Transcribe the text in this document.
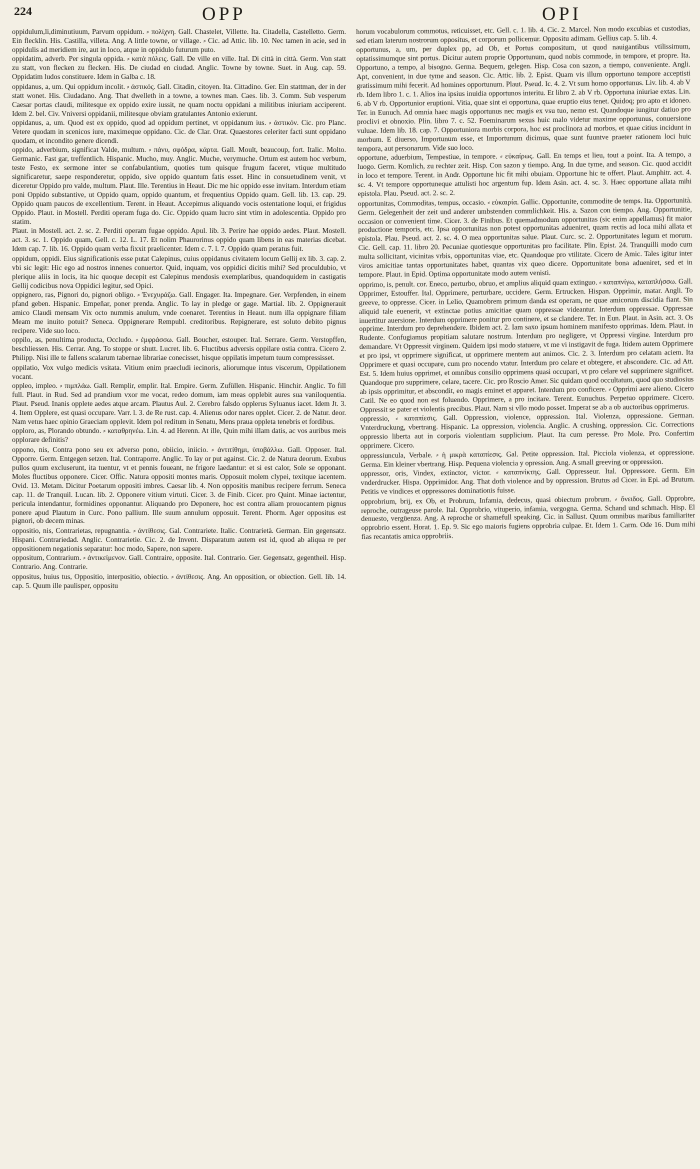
224	OPP	OPI

oppidulum,li,diminutiuum, Parvum oppidum. ⸗ πολίχνη. Gall. Chastelet, Villette. Ita. Citadella, Castelletto. Germ. Ein flecklin. His. Castilla, villeta. Ang. A little towne, or village. ⸗ Cic. ad Attic. lib. 10. Nec tamen in acie, sed in oppidulis ad meridiem ire, aut in loco, atque in oppidulo futurum puto.

oppidatim, adverb. Per singula oppida. ⸗ κατὰ πόλεις. Gall. De ville en ville. Ital. Di città in città. Germ. Von statt zu statt, von flecken zu flecken. His. De ciudad en ciudad. Anglic. Towne by towne. Suet. in Aug. cap. 59. Oppidatim ludos constituere. Idem in Galba c. 18.

oppidanus, a, um. Qui oppidum incolit. ⸗ ἀστικός. Gall. Citadin, citoyen. Ita. Cittadino. Ger. Ein stattman, der in der statt wonet. His. Ciudadano. Ang. That dwelleth in a towne, a townes man. Caes. lib. 3. Comm. Sub vesperum Caesar portas claudi, militesque ex oppido exire iussit, ne quam noctu oppidani a militibus iniuriam acciperent. Idem 2. bel. Civ. Vniversi oppidanii, militesque obviam gratulantes Antonio exierunt.

oppidanus, a, um. Quod est ex oppido, quod ad oppidum pertinet, vt oppidanum ius. ⸗ ἀστικόν. Cic. pro Planc. Vetere quodam in scenicos iure, maximeque oppidano. Cic. de Clar. Orat. Quaestores celeriter facti sunt oppidano quodam, et incondito genere dicendi.

oppido, adverbium, significat Valde, multum. ⸗ πάνυ, σφόδρα, κάρτα. Gall. Moult, beaucoup, fort. Italic. Molto. Germanic. Fast gar, treffentlich. Hispanic. Mucho, muy. Anglic. Muche, verymuche. Ortum est autem hoc verbum, teste Festo, ex sermone inter se confabulantium, quoties tum quisque frugum faceret, vtique multitudo significaretur, saepe responderetur, oppido, sive oppido quantum fatis esset. Hinc in consuetudinem venit, vt diceretur Oppido pro valde, multum. Plaut. Ille. Terentius in Heaut. Dic me hic oppido esse invitam. Interdum etiam poni Oppido substantive, ut Oppido quam, oppido quantum, et frequentius Oppido quam. Gell. lib. 13. cap. 29. Oppido quam paucos de excellentium. Terent. in Heaut. Accepimus aliquando vocis ostentatione loqui, et frigidus Oppido. Plaut. in Mostell. Perditi operam fuga do. Cic. Oppido quam lucro sint vtim in adolescentia. Oppido pro statim.

Plaut. in Mostell. act. 2. sc. 2. Perditi operam fugae oppido. Apul. lib. 3. Perire hae oppido aedes. Plaut. Mostell. act. 3. sc. 1. Oppido quam, Gell. c. 12. L. 17. Et nolim Phaurorinus oppido quam libens in eas materias dicebat. Idem cap. 7. lib. 16. Oppido quam verba fixxit praelicenter. Idem c. 7. l. 7. Oppido quam peratus fuit.

oppidum, oppidi. Eius significationis esse putat Calepinus, cuius oppidanus civitatem locum Gellij ex lib. 3. cap. 2. vbi sic legit: Hic ego ad nostros innenes conuertor. Quid, inquam, vos oppidici dicitis mihi? Sed proculdubio, vt plerique aliis in locis, ita hic quoque decepit est Calepinus mendosis exemplaribus, quandoquidem in castigatis Gellij codicibus nova Oppidici legitur, sed Opici.

oppignero, ras, Pignori do, pignori obligo. ⸗ Ἐνεχυράζω. Gall. Engager. Ita. Impegnare. Ger. Verpfenden, in einem pfand geben. Hispanic. Empeñar, poner prenda. Anglic. To lay in pledge or gage. Martial. lib. 2. Oppignerauit amico Claudi mensam Vix octo nummis anulum, vnde coenaret. Terentius in Heaut. num illa oppignare filiam Meam me inuito potuit? Seneca. Oppignerare Rempubl. creditoribus. Repignerare, est soluto debito pignus recipere. Vide suo loco.

oppilo, as, penultima producta, Occludo. ⸗ ἐμφράσσω. Gall. Boucher, estouper. Ital. Serrare. Germ. Verstopffen, beschliessen. His. Cerrar. Ang. To stoppe or shutt. Lucret. lib. 6. Fluctibus adversis oppilare ostia contra. Cicero 2. Philipp. Nisi ille te fallens scalarum tabernae librariae conecisset, hisque oppilatis impetum tuum compressisset.

oppilatio, Vox vulgo medicis vsitata. Vitium enim praecludi iecinoris, aliorumque intus viscerum, Oppilationem vocant.

oppleo, impleo. ⸗ πιμπλάω. Gall. Remplir, emplir. Ital. Empire. Germ. Zufüllen. Hispanic. Hinchir. Anglic. To fill full. Plaut. in Rud. Sed ad prandium vxor me vocat, redeo domum, iam meas opplebit aures sua vaniloquentia. Plaut. Pseud. Inanis opplete aedes atque arcam. Plautus Aul. 2. Cerebro falsdo opplerus Syluanus iacet. Idem Jt. 3. 4. Item Opplere, est quasi occupare. Varr. l. 3. de Re rust. cap. 4. Alienus odor nares opplet. Cicer. 2. de Natur. deor. Nam vetus haec opinio Graeciam opplevit. Idem pol reditum in Senatu, Mens praua oppleta tenebris et fordibus.

opploro, as, Plorando obtundo. ⸗ καταθρηνέω. Lin. 4. ad Herenn. At ille, Quin mihi illam datis, ac vos auribus meis opplorare definitis?

oppono, nis, Contra pono seu ex adverso pono, obiicio, iniicio. ⸗ ἀντιτίθημι, ὑποβάλλω. Gall. Opposer. Ital. Opporre. Germ. Entgegen setzen. Ital. Contraporre. Anglic. To lay or put against. Cic. 2. de Natura deorum. Exubus pullos quum excluserunt, ita tuentur, vt et pennis foueant, ne frigore laedantur: et si est calor, Sole se opponant. Moles fluctibus opponere. Cicer. Offic. Natura oppositi montes maris. Opposuit molem clypei, texitque iacentem. Ovid. 13. Metam. Dicitur Poetarum oppositi imbres. Caesar lib. 4. Non oppositis manibus recipere ferrum. Seneca cap. 11. de Tranquil. Lucan. lib. 2. Opponere vitium virtuti. Cicer. 3. de Finib. Cicer. pro Quint. Minae iactentur, pericula intendantur, formidines opponantur. Aliquando pro Deponere, hoc est contra aliam prouocantem pignus ponere apud Plautum in Curc. Pono pallium. Ille suum annulum opposuit. Terent. Phorm. Ager oppositus est pignori, ob decem minas.

oppositio, nis, Contrarietas, repugnantia. ⸗ ἀντίθεσις. Gal. Contrariete. Italic. Contrarietà. German. Ein gegensatz. Hispani. Contrariedad. Anglic. Contrarietie. Cic. 2. de Invent. Disparatum autem est id, quod ab aliqua re per oppositionem negationis separatur: hoc modo, Sapere, non sapere.

oppositum, Contrarium. ⸗ ἀντικείμενον. Gall. Contraire, opposite. Ital. Contrario. Ger. Gegensatz, gegentheil. Hisp. Contrario. Ang. Contrarie.

oppositus, huius tus, Oppositio, interpositio, obiectio. ⸗ ἀντίθεσις. Ang. An opposition, or obiection. Gell. lib. 14. cap. 5. Quum ille paulisper, oppositu

horum vocabulorum commotus, reticuisset, etc. Gell. c. 1. lib. 4. Cic. 2. Marcel. Non modo excubias et custodias, sed etiam laterum nostrorum oppositus, et corporum pollicemur. Oppositu adimam. Gellius cap. 5. lib. 4.

opportunus, a, um, per duplex pp, ad Ob, et Portus compositum, ut quod nauigantibus vtilissimum, optatissimumque sint portus. Dicitur autem proprie Opportunum, quod nobis commode, in tempore, et propre. Ita. Opportuno, a tempo, al bisogno. Germa. Bequem, gelegen. Hisp. Cosa con sazon, a tiempo, conveniente. Angli. Apt, convenient, in due tyme and season. Cic. Attic. lib. 2. Epist. Quam vis illum opportuno tempore acceptisti gratissimum mihi fecerit. Ad homines opportunum. Plaut. Pseud. Ic. 4. 2. Vt sum homo opportunus. Liv. lib. 4. ab V rb. Idem libro 1. c. 1. Alios ina ipsius inuidia opportunos interitu. Et libro 2. ab V rb. Opportuna iniuriae extas. Lin. 6. ab V rb. Opportunior eruptioni. Vitia, quae sint ei opportuna, quae eruptio eius tenet. Quidoq; pro apto et idoneo. Ter. in Eunuch. Ad omnia haec magis opportunus nec magis ex vsu tuo, nemo est. Quandoque iungitur datiuo pro proclivi et obnoxio. Plin. libro 7. c. 52. Foeminarum sexus huic malo videtur maxime opportunus, conuersione vuluae. Idem lib. 18. cap. 7. Opportuniora morbis corpora, hoc est proclinora ad morbos, et quae citius incidunt in morbum. E diuerso, Importunum esse, et Importunum dicimus, quae sunt fuuntve praeter rationem loci huic tempora, aut personarum. Vide suo loco.

opportune, aduerbium, Tempestiue, in tempore. ⸗ εὐκαίρως. Gall. En temps et lieu, tout a point. Ita. A tempo, a luogo. Germ. Komlich, zu rechter zeit. Hisp. Con sazon y tiempo. Ang. In due tyme, and season. Cic. quod accidit in loco et tempore. Terent. in Andr. Opportune hic fit mihi obuiam. Opportune hic te offert. Plaut. Amphitr. act. 4. sc. 4. Vt tempore opportuneque attulisti hoc argentum fup. Idem Asin. act. 4. sc. 3. Haec opportune allata mihi epistola. Plau. Pseud. act. 2. sc. 2.

opportunitas, Commoditas, tempus, occasio. ⸗ εὐκαιρία. Gallic. Opportunite, commodite de temps. Ita. Opportunità. Germ. Gelegenheit der zeit und anderer umbstenden commlichkeit. His. a. Sazon con tiempo. Ang. Opportunitie, occasion or convenient time. Cicer. 3. de Finibus. Et quemadmodum opportunitas (sic enim appellamus) fit maior productione temporis, etc. Ipsa opportunitas non potest opportunitas adueniret, quam rectis ad loca mihi allata et epistola. Plau. Pseud. act. 2. sc. 4. O mea opportunitas salue. Plaut. Curc. sc. 2. Opportunitates legum et morum. Cic. Gell. cap. 11. libro 20. Pecuniae quotiesque opportunitas pro facilitate. Plin. Epist. 24. Tranquilli modo cum multa sollicitant, vicinitas vrbis, opportunitas viae, etc. Quandoque pro vtilitate. Cicero de Amic. Tales igitur inter viros amicitiae tantas opportunitates habet, quantas vix queo dicere. Opportunitate bona adueniret, sed et in tempore. Plaut. in Epid. Optima opportunitate modo autem venisti.

opprimo, is, penult. cor. Eneco, perturbo, obruo, et amplius aliquid quam extinguo. ⸗ καταπνίγω, καταπλήσσω. Gall. Opprimer, Estouffer. Ital. Opprimere, perturbare, uccidere. Germ. Ertrucken. Hispan. Opprimir, matar. Angli. To greeve, to oppresse. Cicer. in Lelio, Quamobrem primum danda est operam, ne quae amicorum discidia fiant. Sin aliquid tale euenerit, vt extinctae potius amicitiae quam oppressae videantur. Interdum oppressae. Oppressae inuertitur auersione. Interdum opprimere ponitur pro continere, et se clandere. Ter. in Eun. Plaut. in Asin. act. 3. Os opprime. Interdum pro deprehendere. Ibidem act. 2. Iam saxo ipsum hominem manifesto opprimas. Idem. Plaut. in Rudente. Confugiamus propitiam salutare nostrum. Interdum pro negligere, vt Oppressi virgine. Interdum pro demandare. Vt Oppressit virginem. Quidem ipsi modo statuere, vt me vi instigavit de fuga. Itidem autem Opprimere et pro ipsi, vt opprimere significat, ut opprimere mentem aut animos. Cic. 2. 3. Interdum pro celatam aciem. Ita Opprimere et quasi occupare, cum pro nocendo vtatur. Interdum pro celare et obtegere, et abscondere. Cic. ad Att. Est. 5. Idem huius opprimet, et omnibus consilio opprimens quasi occupari, vt pro celare vel supprimere significet. Quandoque pro supprimere, celare, tacere. Cic. pro Roscio Amer. Sic quidam quod occultatum, quod quo studiosius ab ipsis opprimitur, et abscondit, eo magis eminet et apparet. Interdum pro conficere. ⸗ Opprimi aere alieno. Cicero Catil. Ne eo quod non est foluendo. Opprimere, a pro incitare. Terent. Eunuchus. Perpetuo opprimere. Cicero. Oppressit se pater et violentis precibus. Plaut. Nam si vllo modo posset. Imperat se ab a ob auctoribus opprimerus.

oppressio, ⸗ καταπίεσις. Gall. Oppression, violence, oppression. Ital. Violenza, oppressione. German. Vnterdruckung, vbertrang. Hispanic. La oppression, violencia. Anglic. A crushing, oppression. Cic. Corrections oppressio liberta aut in corporis violentiam supplicium. Plaut. Ita cum peresse. Pro Mole. Pro. Confertim opprimere. Cicero.

oppressiuncula, Verbale. ⸗ ἡ μικρὰ καταπίεσις. Gal. Petite oppression. Ital. Picciola violenza, et oppressione. Germa. Ein kleiner vbertrang. Hisp. Pequena violencia y opression. Ang. A small greeving or oppression.

oppressor, oris, Vindex, extinctor, victor. ⸗ καταπνίκτης. Gall. Oppresseur. Ital. Oppressore. Germ. Ein vnderdrucker. Hispa. Opprimidor. Ang. That doth violence and by oppression. Brutus ad Cicer. in Epi. ad Brutum. Petitis ve vindices et oppressores dominationis fuisse.

opprobrium, brij, ex Ob, et Probrum, Infamia, dedecus, quasi obiectum probrum. ⸗ ὄνειδος. Gall. Opprobre, reproche, outrageuse parole. Ital. Opprobrio, vituperio, infamia, vergogna. Germa. Schand und schmach. Hisp. El denuesto, vergüenza. Ang. A reproche or shamefull speaking. Cic. in Sallust. Quum omnibus maribus familiariter opprobrio essent. Horat. 1. Ep. 9. Sic ego maioris fugiens opprobria culpae. Et. Idem 1. Carm. Ode 16. Dum mihi fias recantatis amica opprobriis.
